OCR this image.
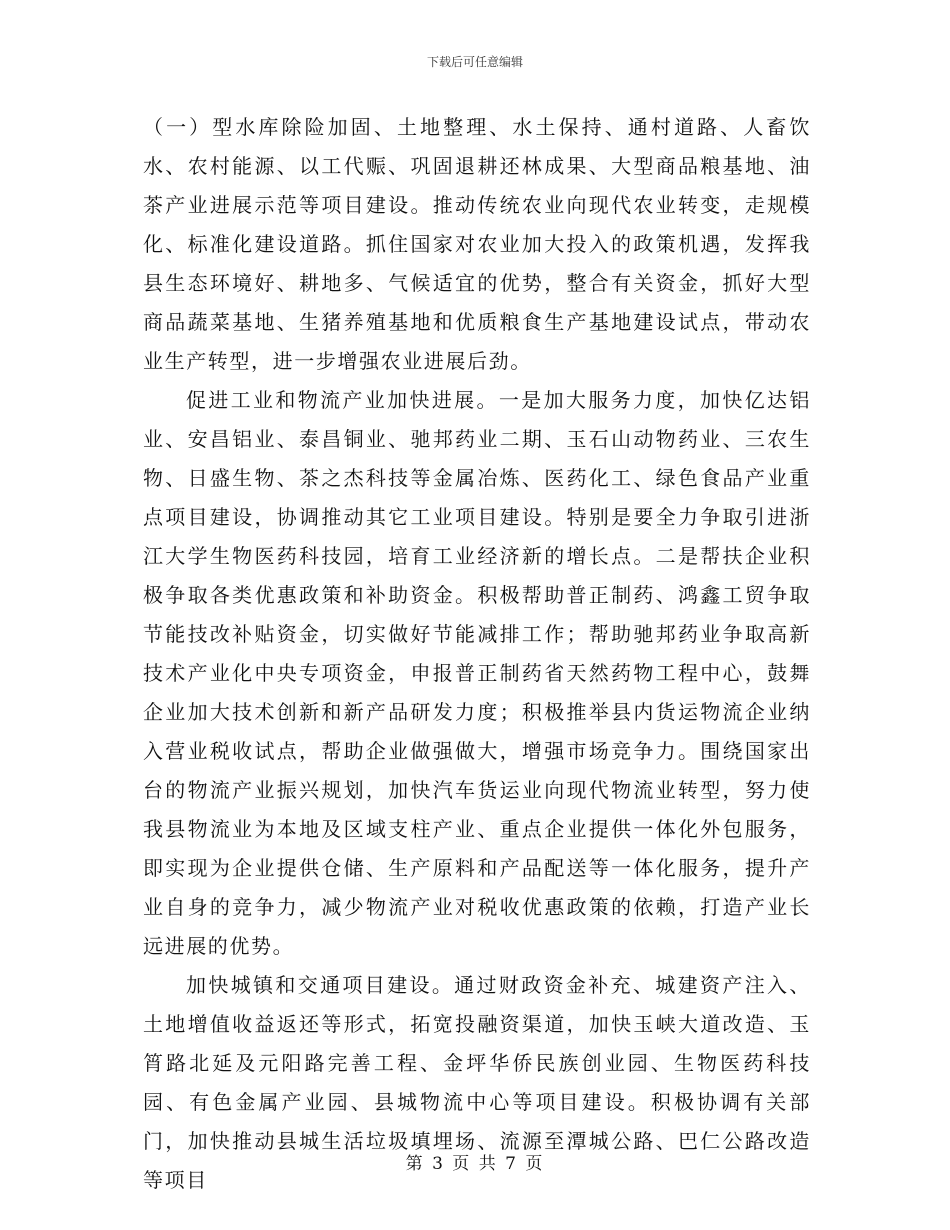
下载后可任意编辑

（一）型水库除险加固、土地整理、水土保持、通村道路、人畜饮水、农村能源、以工代赈、巩固退耕还林成果、大型商品粮基地、油茶产业进展示范等项目建设。推动传统农业向现代农业转变，走规模化、标准化建设道路。抓住国家对农业加大投入的政策机遇，发挥我县生态环境好、耕地多、气候适宜的优势，整合有关资金，抓好大型商品蔬菜基地、生猪养殖基地和优质粮食生产基地建设试点，带动农业生产转型，进一步增强农业进展后劲。

促进工业和物流产业加快进展。一是加大服务力度，加快亿达铝业、安昌铝业、泰昌铜业、驰邦药业二期、玉石山动物药业、三农生物、日盛生物、茶之杰科技等金属冶炼、医药化工、绿色食品产业重点项目建设，协调推动其它工业项目建设。特别是要全力争取引进浙江大学生物医药科技园，培育工业经济新的增长点。二是帮扶企业积极争取各类优惠政策和补助资金。积极帮助普正制药、鸿鑫工贸争取节能技改补贴资金，切实做好节能减排工作；帮助驰邦药业争取高新技术产业化中央专项资金，申报普正制药省天然药物工程中心，鼓舞企业加大技术创新和新产品研发力度；积极推举县内货运物流企业纳入营业税收试点，帮助企业做强做大，增强市场竞争力。围绕国家出台的物流产业振兴规划，加快汽车货运业向现代物流业转型，努力使我县物流业为本地及区域支柱产业、重点企业提供一体化外包服务，即实现为企业提供仓储、生产原料和产品配送等一体化服务，提升产业自身的竞争力，减少物流产业对税收优惠政策的依赖，打造产业长远进展的优势。

加快城镇和交通项目建设。通过财政资金补充、城建资产注入、土地增值收益返还等形式，拓宽投融资渠道，加快玉峡大道改造、玉筲路北延及元阳路完善工程、金坪华侨民族创业园、生物医药科技园、有色金属产业园、县城物流中心等项目建设。积极协调有关部门，加快推动县城生活垃圾填埋场、流源至潭城公路、巴仁公路改造等项目

第 3 页 共 7 页
